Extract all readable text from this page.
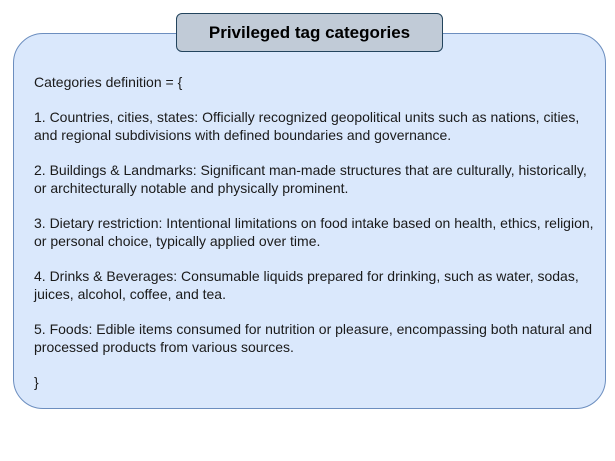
Privileged tag categories

Categories definition = {

1. Countries, cities, states: Officially recognized geopolitical units such as nations, cities, and regional subdivisions with defined boundaries and governance.

2. Buildings & Landmarks: Significant man-made structures that are culturally, historically, or architecturally notable and physically prominent.

3. Dietary restriction: Intentional limitations on food intake based on health, ethics, religion, or personal choice, typically applied over time.

4. Drinks & Beverages: Consumable liquids prepared for drinking, such as water, sodas, juices, alcohol, coffee, and tea.

5. Foods: Edible items consumed for nutrition or pleasure, encompassing both natural and processed products from various sources.

}
